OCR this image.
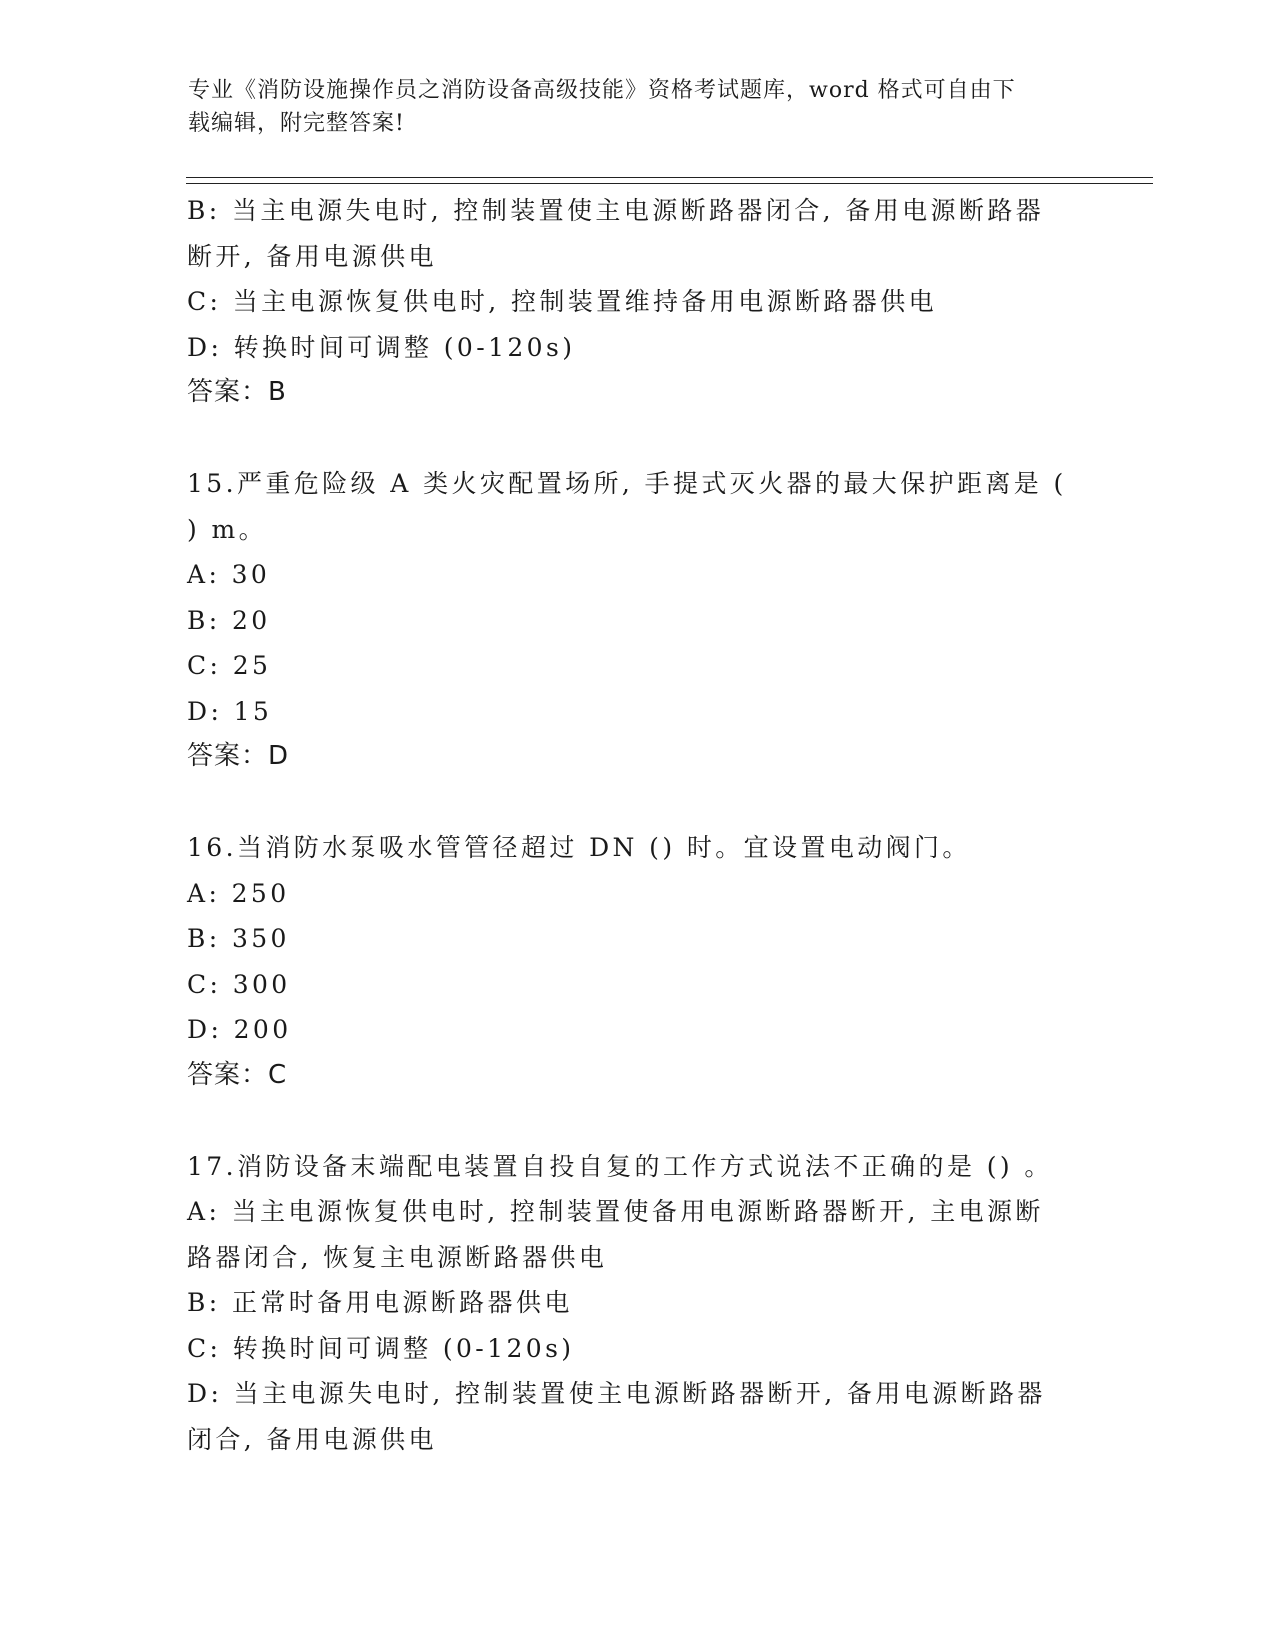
专业《消防设施操作员之消防设备高级技能》资格考试题库，word 格式可自由下
载编辑，附完整答案!
B: 当主电源失电时, 控制装置使主电源断路器闭合, 备用电源断路器
断开, 备用电源供电
C: 当主电源恢复供电时, 控制装置维持备用电源断路器供电
D: 转换时间可调整 (0-120s)
答案：B
15.严重危险级 A 类火灾配置场所, 手提式灭火器的最大保护距离是 (
) m。
A: 30
B: 20
C: 25
D: 15
答案：D
16.当消防水泵吸水管管径超过 DN () 时。宜设置电动阀门。
A: 250
B: 350
C: 300
D: 200
答案：C
17.消防设备末端配电装置自投自复的工作方式说法不正确的是 () 。
A: 当主电源恢复供电时, 控制装置使备用电源断路器断开, 主电源断
路器闭合, 恢复主电源断路器供电
B: 正常时备用电源断路器供电
C: 转换时间可调整 (0-120s)
D: 当主电源失电时, 控制装置使主电源断路器断开, 备用电源断路器
闭合, 备用电源供电
